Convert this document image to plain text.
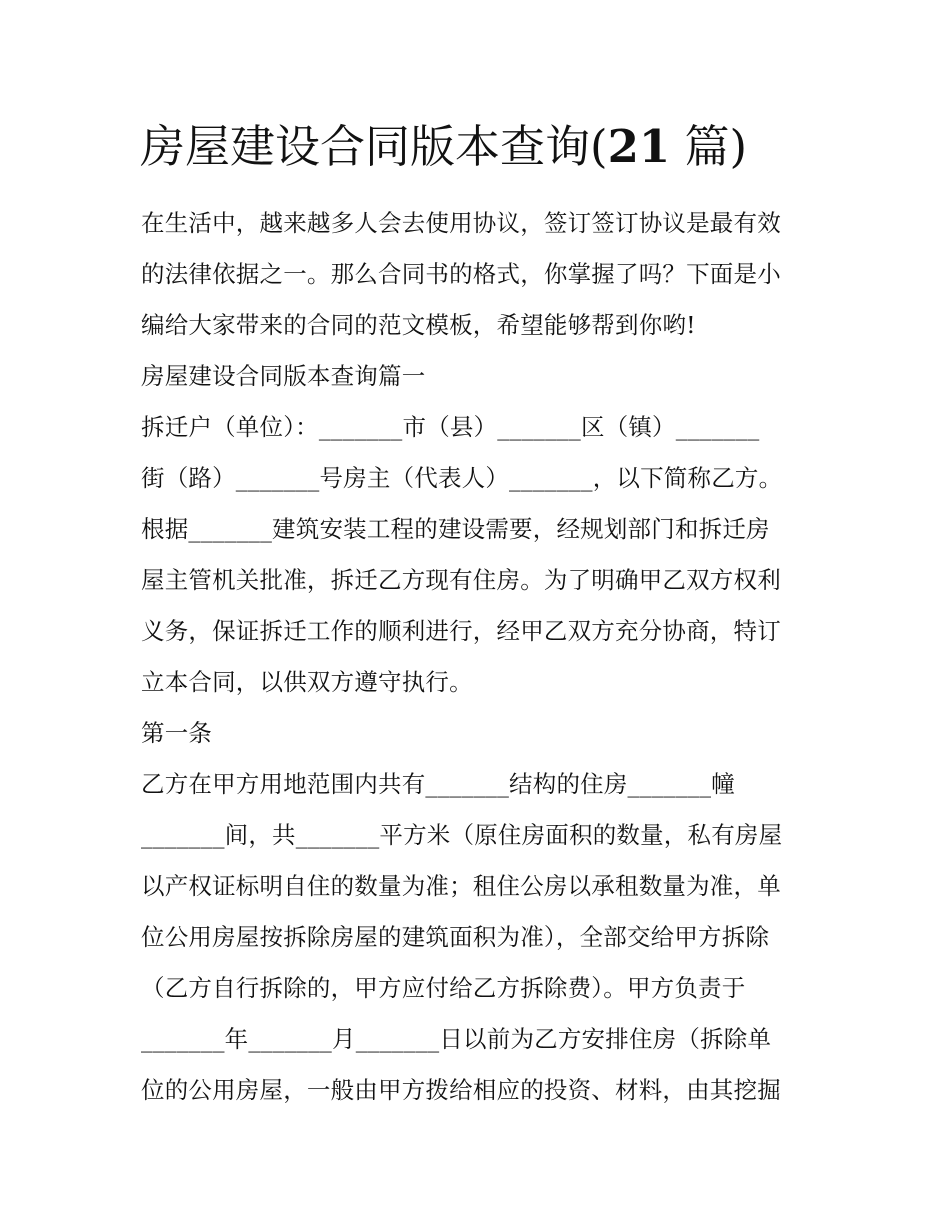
房屋建设合同版本查询(21 篇)
在生活中，越来越多人会去使用协议，签订签订协议是最有效
的法律依据之一。那么合同书的格式，你掌握了吗？下面是小
编给大家带来的合同的范文模板，希望能够帮到你哟!
房屋建设合同版本查询篇一
拆迁户（单位）：_______市（县）_______区（镇）_______
街（路）_______号房主（代表人）_______，以下简称乙方。
根据_______建筑安装工程的建设需要，经规划部门和拆迁房
屋主管机关批准，拆迁乙方现有住房。为了明确甲乙双方权利
义务，保证拆迁工作的顺利进行，经甲乙双方充分协商，特订
立本合同，以供双方遵守执行。
第一条
乙方在甲方用地范围内共有_______结构的住房_______幢
_______间，共_______平方米（原住房面积的数量，私有房屋
以产权证标明自住的数量为准；租住公房以承租数量为准，单
位公用房屋按拆除房屋的建筑面积为准），全部交给甲方拆除
（乙方自行拆除的，甲方应付给乙方拆除费）。甲方负责于
_______年_______月_______日以前为乙方安排住房（拆除单
位的公用房屋，一般由甲方拨给相应的投资、材料，由其挖掘
